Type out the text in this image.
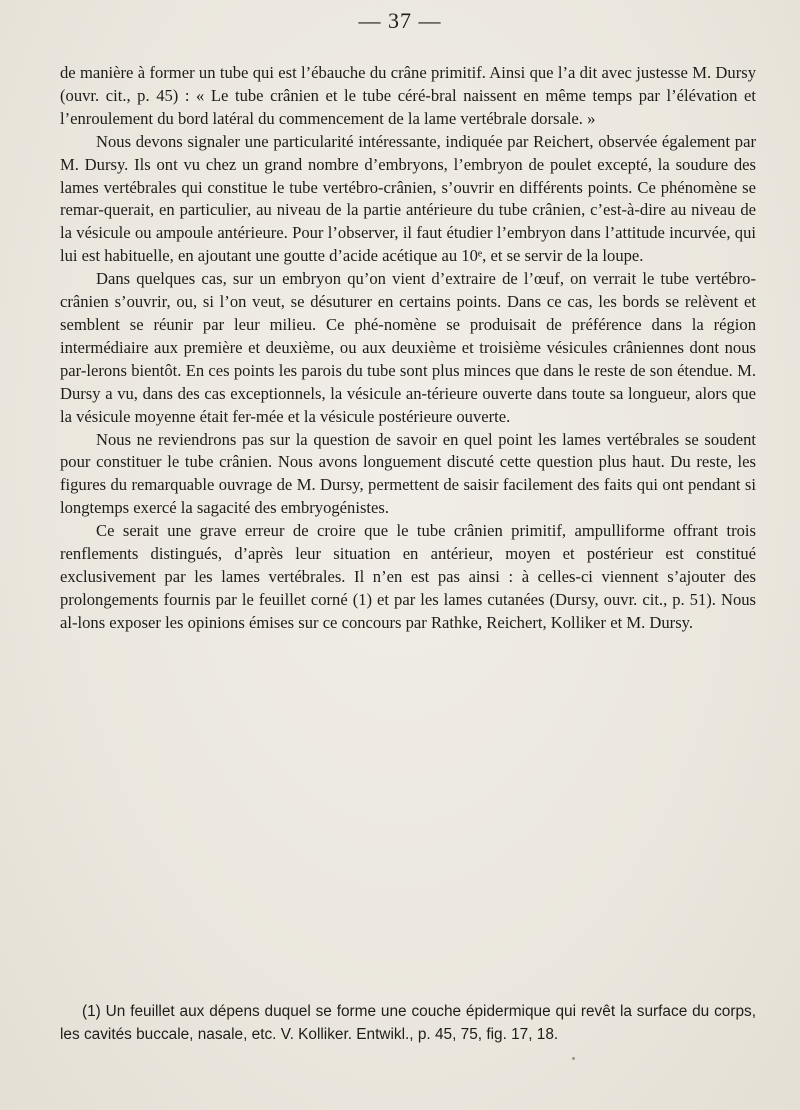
— 37 —

de manière à former un tube qui est l’ébauche du crâne primitif. Ainsi que l’a dit avec justesse M. Dursy (ouvr. cit., p. 45) : « Le tube crânien et le tube céré-bral naissent en même temps par l’élévation et l’enroulement du bord latéral du commencement de la lame vertébrale dorsale. »

Nous devons signaler une particularité intéressante, indiquée par Reichert, observée également par M. Dursy. Ils ont vu chez un grand nombre d’embryons, l’embryon de poulet excepté, la soudure des lames vertébrales qui constitue le tube vertébro-crânien, s’ouvrir en différents points. Ce phénomène se remar-querait, en particulier, au niveau de la partie antérieure du tube crânien, c’est-à-dire au niveau de la vésicule ou ampoule antérieure. Pour l’observer, il faut étudier l’embryon dans l’attitude incurvée, qui lui est habituelle, en ajoutant une goutte d’acide acétique au 10ᵉ, et se servir de la loupe.

Dans quelques cas, sur un embryon qu’on vient d’extraire de l’œuf, on verrait le tube vertébro-crânien s’ouvrir, ou, si l’on veut, se désuturer en certains points. Dans ce cas, les bords se relèvent et semblent se réunir par leur milieu. Ce phé-nomène se produisait de préférence dans la région intermédiaire aux première et deuxième, ou aux deuxième et troisième vésicules crâniennes dont nous par-lerons bientôt. En ces points les parois du tube sont plus minces que dans le reste de son étendue. M. Dursy a vu, dans des cas exceptionnels, la vésicule an-térieure ouverte dans toute sa longueur, alors que la vésicule moyenne était fer-mée et la vésicule postérieure ouverte.

Nous ne reviendrons pas sur la question de savoir en quel point les lames vertébrales se soudent pour constituer le tube crânien. Nous avons longuement discuté cette question plus haut. Du reste, les figures du remarquable ouvrage de M. Dursy, permettent de saisir facilement des faits qui ont pendant si longtemps exercé la sagacité des embryogénistes.

Ce serait une grave erreur de croire que le tube crânien primitif, ampulliforme offrant trois renflements distingués, d’après leur situation en antérieur, moyen et postérieur est constitué exclusivement par les lames vertébrales. Il n’en est pas ainsi : à celles-ci viennent s’ajouter des prolongements fournis par le feuillet corné (1) et par les lames cutanées (Dursy, ouvr. cit., p. 51). Nous al-lons exposer les opinions émises sur ce concours par Rathke, Reichert, Kolliker et M. Dursy.

(1) Un feuillet aux dépens duquel se forme une couche épidermique qui revêt la surface du corps, les cavités buccale, nasale, etc. V. Kolliker. Entwikl., p. 45, 75, fig. 17, 18.
